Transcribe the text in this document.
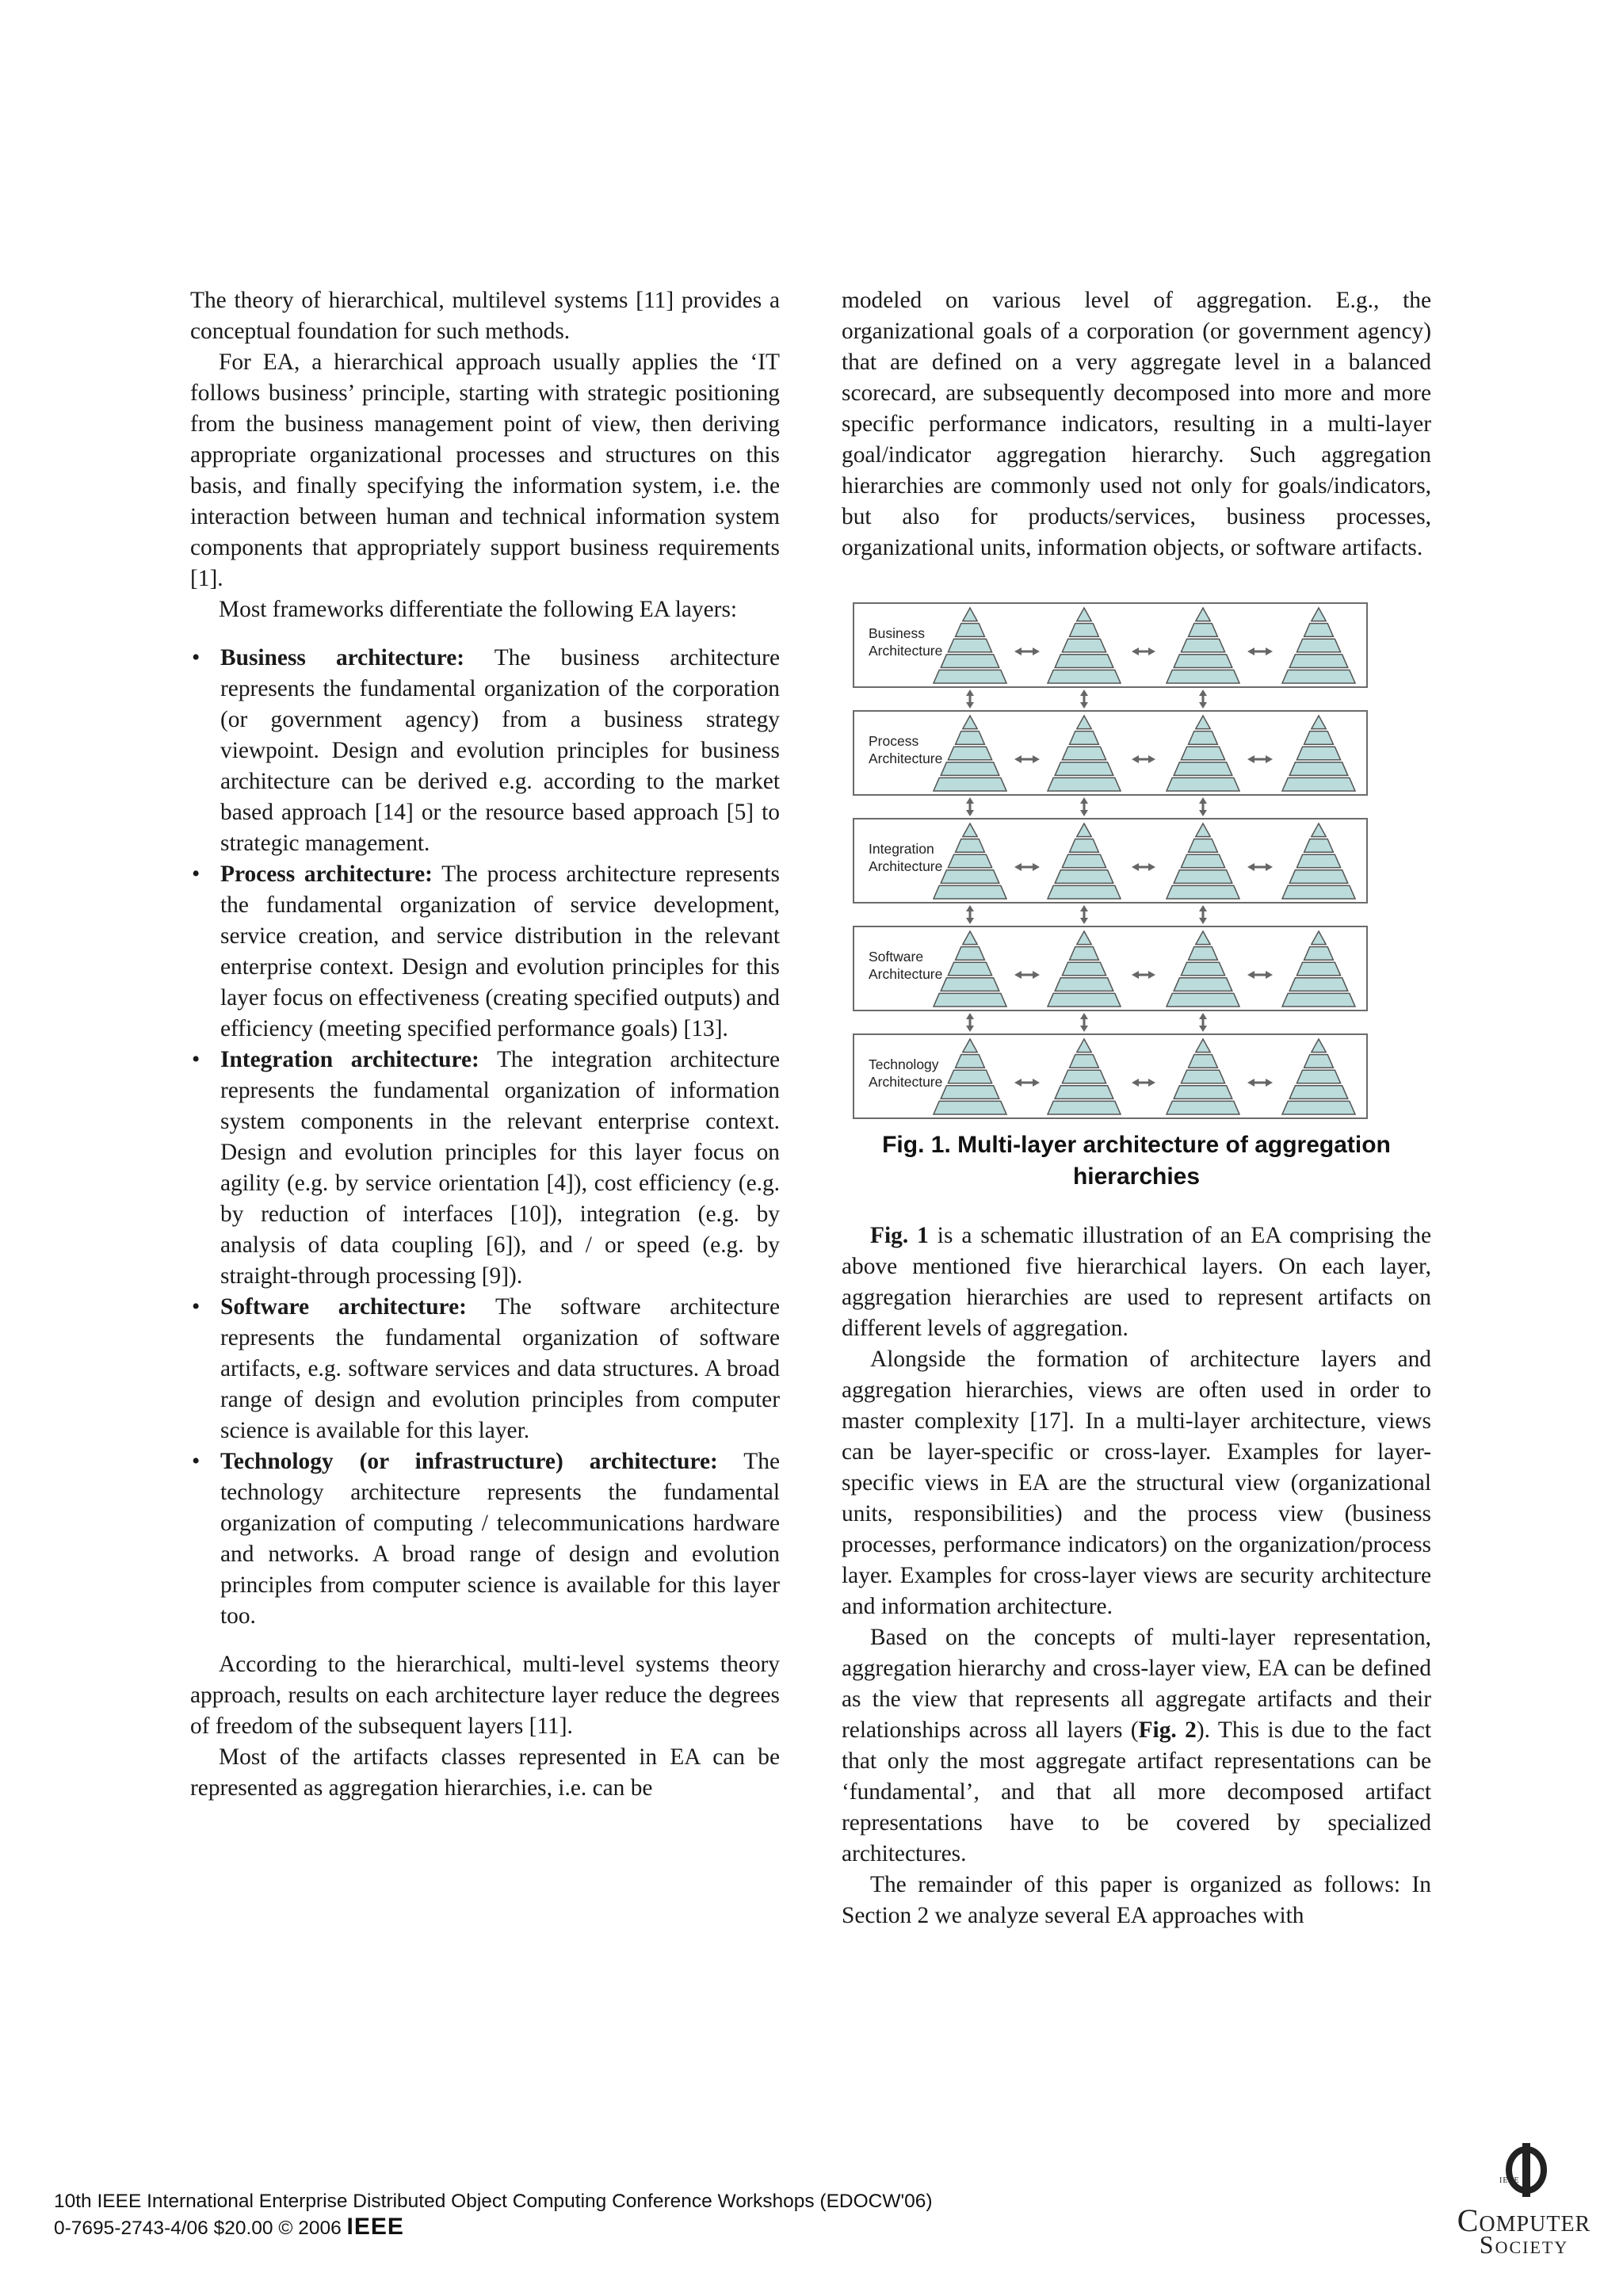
The theory of hierarchical, multilevel systems [11] provides a conceptual foundation for such methods.

For EA, a hierarchical approach usually applies the ‘IT follows business’ principle, starting with strategic positioning from the business management point of view, then deriving appropriate organizational processes and structures on this basis, and finally specifying the information system, i.e. the interaction between human and technical information system components that appropriately support business requirements [1].

Most frameworks differentiate the following EA layers:

• Business architecture: The business architecture represents the fundamental organization of the corporation (or government agency) from a business strategy viewpoint. Design and evolution principles for business architecture can be derived e.g. according to the market based approach [14] or the resource based approach [5] to strategic management.
• Process architecture: The process architecture represents the fundamental organization of service development, service creation, and service distribution in the relevant enterprise context. Design and evolution principles for this layer focus on effectiveness (creating specified outputs) and efficiency (meeting specified performance goals) [13].
• Integration architecture: The integration architecture represents the fundamental organization of information system components in the relevant enterprise context. Design and evolution principles for this layer focus on agility (e.g. by service orientation [4]), cost efficiency (e.g. by reduction of interfaces [10]), integration (e.g. by analysis of data coupling [6]), and / or speed (e.g. by straight-through processing [9]).
• Software architecture: The software architecture represents the fundamental organization of software artifacts, e.g. software services and data structures. A broad range of design and evolution principles from computer science is available for this layer.
• Technology (or infrastructure) architecture: The technology architecture represents the fundamental organization of computing / telecommunications hardware and networks. A broad range of design and evolution principles from computer science is available for this layer too.

According to the hierarchical, multi-level systems theory approach, results on each architecture layer reduce the degrees of freedom of the subsequent layers [11].

Most of the artifacts classes represented in EA can be represented as aggregation hierarchies, i.e. can be

modeled on various level of aggregation. E.g., the organizational goals of a corporation (or government agency) that are defined on a very aggregate level in a balanced scorecard, are subsequently decomposed into more and more specific performance indicators, resulting in a multi-layer goal/indicator aggregation hierarchy. Such aggregation hierarchies are commonly used not only for goals/indicators, but also for products/services, business processes, organizational units, information objects, or software artifacts.

Business
Architecture
Process
Architecture
Integration
Architecture
Software
Architecture
Technology
Architecture
Fig. 1. Multi-layer architecture of aggregation
hierarchies

Fig. 1 is a schematic illustration of an EA comprising the above mentioned five hierarchical layers. On each layer, aggregation hierarchies are used to represent artifacts on different levels of aggregation.

Alongside the formation of architecture layers and aggregation hierarchies, views are often used in order to master complexity [17]. In a multi-layer architecture, views can be layer-specific or cross-layer. Examples for layer-specific views in EA are the structural view (organizational units, responsibilities) and the process view (business processes, performance indicators) on the organization/process layer. Examples for cross-layer views are security architecture and information architecture.

Based on the concepts of multi-layer representation, aggregation hierarchy and cross-layer view, EA can be defined as the view that represents all aggregate artifacts and their relationships across all layers (Fig. 2). This is due to the fact that only the most aggregate artifact representations can be ‘fundamental’, and that all more decomposed artifact representations have to be covered by specialized architectures.

The remainder of this paper is organized as follows: In Section 2 we analyze several EA approaches with

10th IEEE International Enterprise Distributed Object Computing Conference Workshops (EDOCW'06)
0-7695-2743-4/06 $20.00 © 2006 IEEE
IEEE
Computer
Society
